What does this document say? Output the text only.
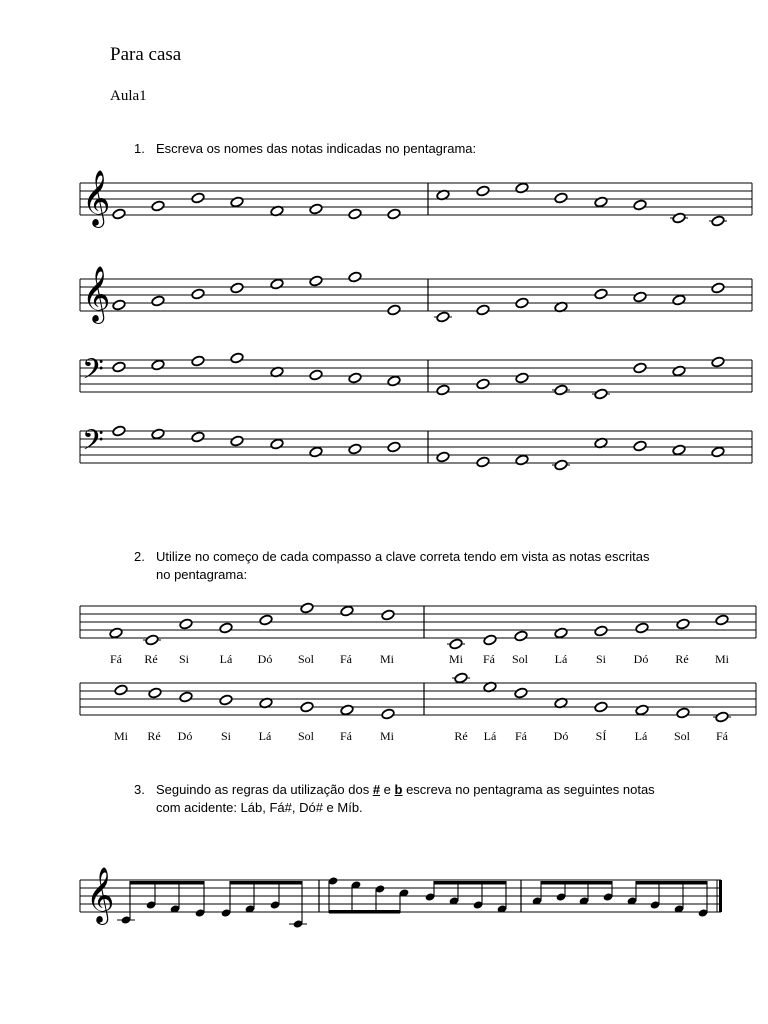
Para casa
Aula1
1. Escreva os nomes das notas indicadas no pentagrama:
2. Utilize no começo de cada compasso a clave correta tendo em vista as notas escritas
no pentagrama:
3. Seguindo as regras da utilização dos # e b escreva no pentagrama as seguintes notas
com acidente: Láb, Fá#, Dó# e Míb.
𝄞
𝄞
𝄢
𝄢
𝄞
Fá Ré Si	Lá Dó Sol Fá Mi	Mi Fá Sol Lá Si Dó Ré Mi
Mi Ré Dó Si Lá Sol Fá Mi	Ré Lá Fá Dó SÍ Lá Sol Fá
